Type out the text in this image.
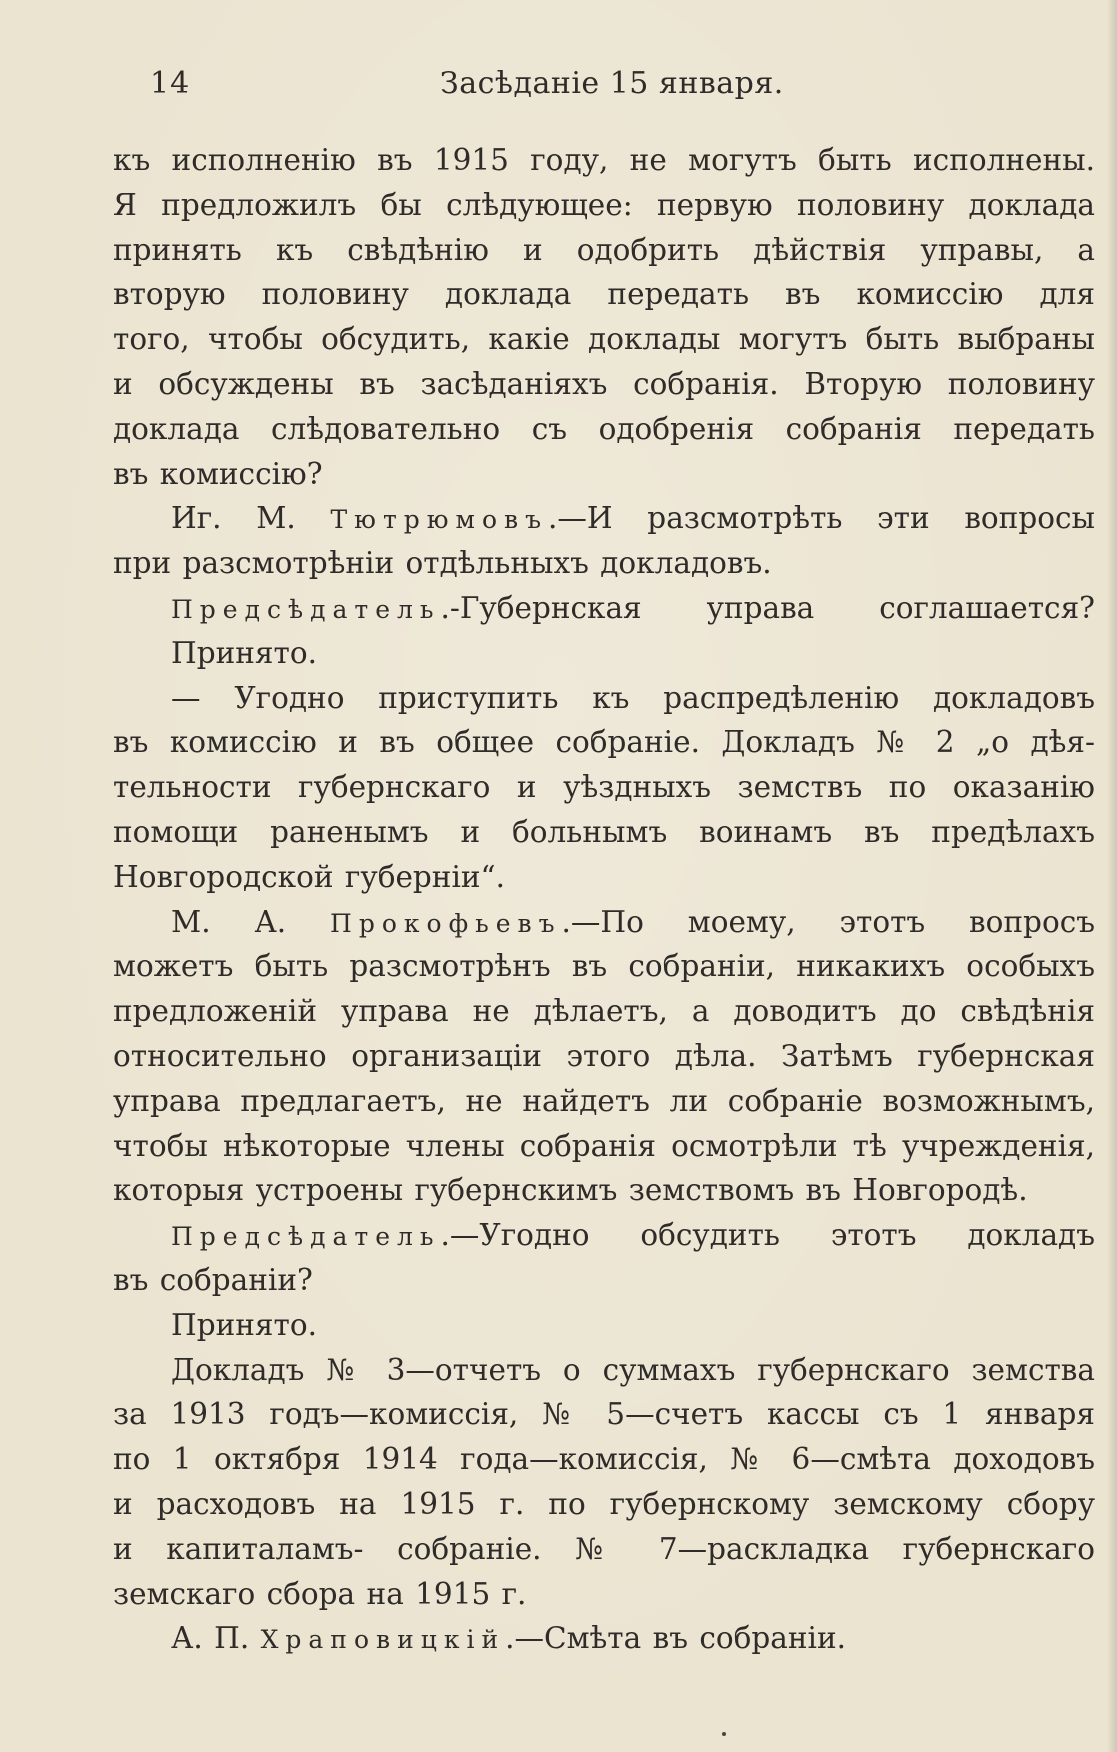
14	Засѣданіе 15 января.
къ исполненію въ 1915 году, не могутъ быть исполнены.
Я предложилъ бы слѣдующее: первую половину доклада
принять къ свѣдѣнію и одобрить дѣйствія управы, а
вторую половину доклада передать въ комиссію для
того, чтобы обсудить, какіе доклады могутъ быть выбраны
и обсуждены въ засѣданіяхъ собранія. Вторую половину
доклада слѣдовательно съ одобренія собранія передать
въ комиссію?
Иг. М. Тютрюмовъ.—И разсмотрѣть эти вопросы
при разсмотрѣніи отдѣльныхъ докладовъ.
Предсѣдатель.-Губернская управа соглашается?
Принято.
— Угодно приступить къ распредѣленію докладовъ
въ комиссію и въ общее собраніе. Докладъ № 2 „о дѣя-
тельности губернскаго и уѣздныхъ земствъ по оказанію
помощи раненымъ и больнымъ воинамъ въ предѣлахъ
Новгородской губерніи“.
М. А. Прокофьевъ.—По моему, этотъ вопросъ
можетъ быть разсмотрѣнъ въ собраніи, никакихъ особыхъ
предложеній управа не дѣлаетъ, а доводитъ до свѣдѣнія
относительно организаціи этого дѣла. Затѣмъ губернская
управа предлагаетъ, не найдетъ ли собраніе возможнымъ,
чтобы нѣкоторые члены собранія осмотрѣли тѣ учрежденія,
которыя устроены губернскимъ земствомъ въ Новгородѣ.
Предсѣдатель.—Угодно обсудить этотъ докладъ
въ собраніи?
Принято.
Докладъ № 3—отчетъ о суммахъ губернскаго земства
за 1913 годъ—комиссія, № 5—счетъ кассы съ 1 января
по 1 октября 1914 года—комиссія, № 6—смѣта доходовъ
и расходовъ на 1915 г. по губернскому земскому сбору
и капиталамъ- собраніе. № 7—раскладка губернскаго
земскаго сбора на 1915 г.
А. П. Храповицкій.—Смѣта въ собраніи.
